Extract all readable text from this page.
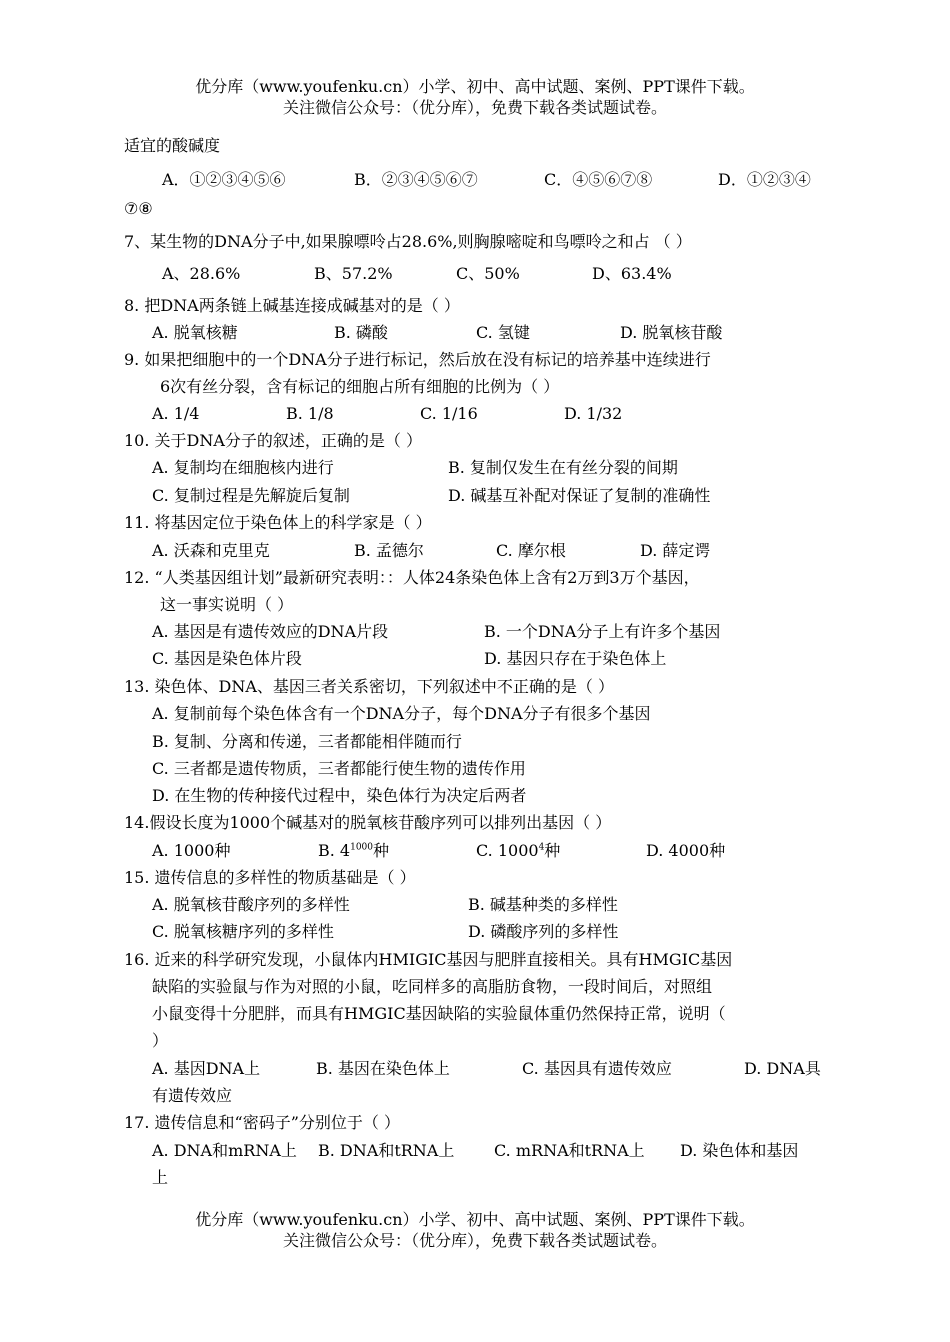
优分库（www.youfenku.cn）小学、初中、高中试题、案例、PPT课件下载。
关注微信公众号：（优分库），免费下载各类试题试卷。
适宜的酸碱度
A．①②③④⑤⑥	B．②③④⑤⑥⑦	C．④⑤⑥⑦⑧	D．①②③④
⑦⑧
7、某生物的DNA分子中,如果腺嘌呤占28.6%,则胸腺嘧啶和鸟嘌呤之和占 （ ）
A、28.6%	B、57.2%	C、50%	D、63.4%
8. 把DNA两条链上碱基连接成碱基对的是（ ）
A. 脱氧核糖	B. 磷酸	C. 氢键	D. 脱氧核苷酸
9. 如果把细胞中的一个DNA分子进行标记，然后放在没有标记的培养基中连续进行
6次有丝分裂，含有标记的细胞占所有细胞的比例为（ ）
A. 1/4	B. 1/8	C. 1/16	D. 1/32
10. 关于DNA分子的叙述，正确的是（ ）
A. 复制均在细胞核内进行	B. 复制仅发生在有丝分裂的间期
C. 复制过程是先解旋后复制	D. 碱基互补配对保证了复制的准确性
11. 将基因定位于染色体上的科学家是（ ）
A. 沃森和克里克	B. 孟德尔	C. 摩尔根	D. 薛定谔
12. “人类基因组计划”最新研究表明：：人体24条染色体上含有2万到3万个基因，
这一事实说明（ ）
A. 基因是有遗传效应的DNA片段	B. 一个DNA分子上有许多个基因
C. 基因是染色体片段	D. 基因只存在于染色体上
13. 染色体、DNA、基因三者关系密切，下列叙述中不正确的是（ ）
A. 复制前每个染色体含有一个DNA分子，每个DNA分子有很多个基因
B. 复制、分离和传递，三者都能相伴随而行
C. 三者都是遗传物质，三者都能行使生物的遗传作用
D. 在生物的传种接代过程中，染色体行为决定后两者
14.假设长度为1000个碱基对的脱氧核苷酸序列可以排列出基因（ ）
A. 1000种	B. $4^{1000}$种	C. 1000$^4$种	D. 4000种
15. 遗传信息的多样性的物质基础是（ ）
A. 脱氧核苷酸序列的多样性	B. 碱基种类的多样性
C. 脱氧核糖序列的多样性	D. 磷酸序列的多样性
16. 近来的科学研究发现，小鼠体内HMIGIC基因与肥胖直接相关。具有HMGIC基因
缺陷的实验鼠与作为对照的小鼠，吃同样多的高脂肪食物，一段时间后，对照组
小鼠变得十分肥胖，而具有HMGIC基因缺陷的实验鼠体重仍然保持正常，说明（
）
A. 基因DNA上	B. 基因在染色体上	C. 基因具有遗传效应	D. DNA具
有遗传效应
17. 遗传信息和“密码子”分别位于（ ）
A. DNA和mRNA上 B. DNA和tRNA上 C. mRNA和tRNA上 D. 染色体和基因
上
优分库（www.youfenku.cn）小学、初中、高中试题、案例、PPT课件下载。
关注微信公众号：（优分库），免费下载各类试题试卷。
